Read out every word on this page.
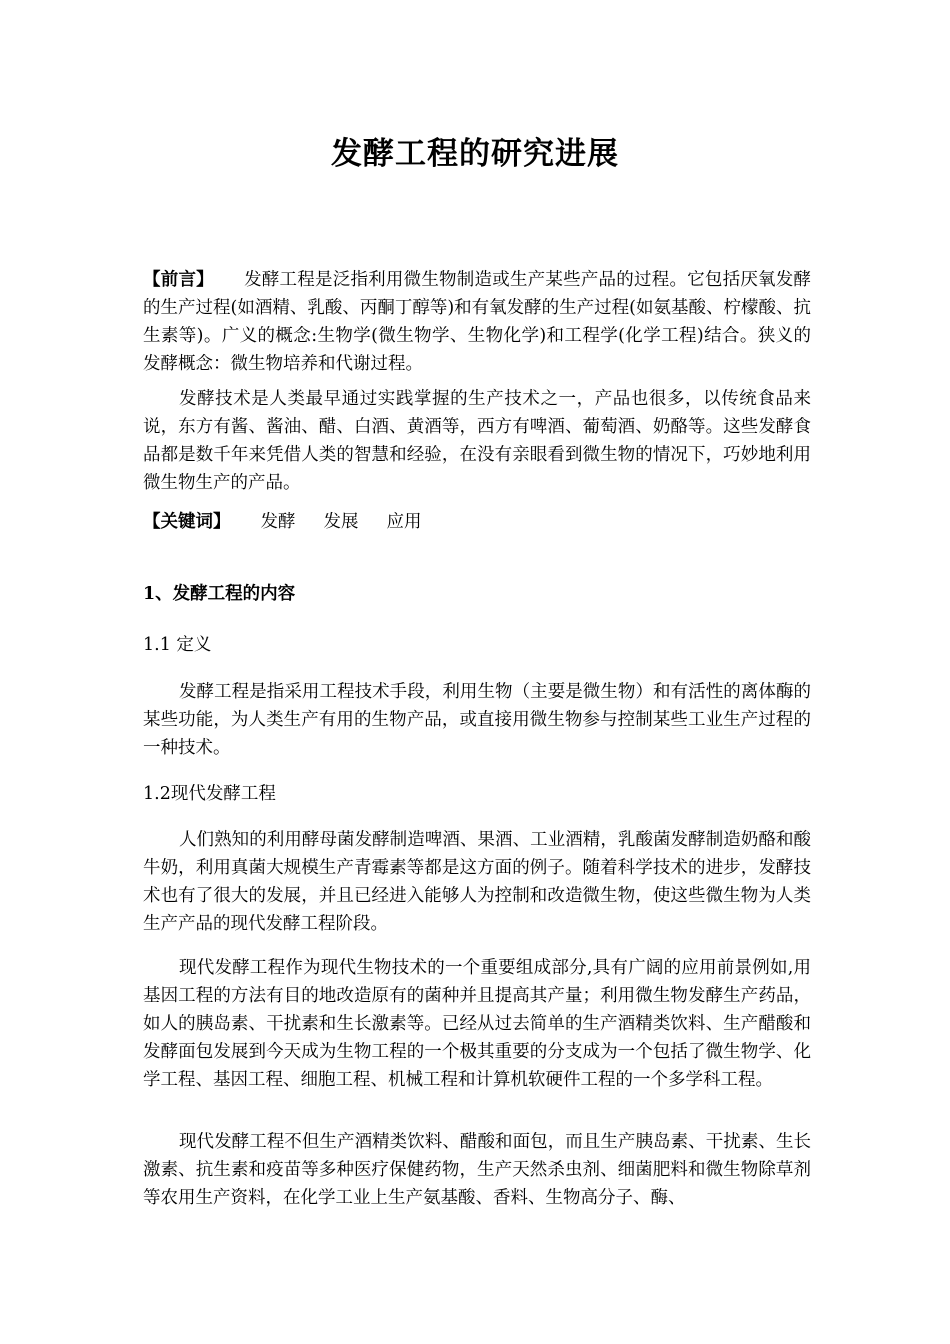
发酵工程的研究进展

【前言】 发酵工程是泛指利用微生物制造或生产某些产品的过程。它包括厌氧发酵的生产过程(如酒精、乳酸、丙酮丁醇等)和有氧发酵的生产过程(如氨基酸、柠檬酸、抗生素等)。广义的概念:生物学(微生物学、生物化学)和工程学(化学工程)结合。狭义的发酵概念：微生物培养和代谢过程。

发酵技术是人类最早通过实践掌握的生产技术之一，产品也很多，以传统食品来说，东方有酱、酱油、醋、白酒、黄酒等，西方有啤酒、葡萄酒、奶酪等。这些发酵食品都是数千年来凭借人类的智慧和经验，在没有亲眼看到微生物的情况下，巧妙地利用微生物生产的产品。

【关键词】 发酵 发展 应用

1、发酵工程的内容
1.1 定义

发酵工程是指采用工程技术手段，利用生物（主要是微生物）和有活性的离体酶的某些功能，为人类生产有用的生物产品，或直接用微生物参与控制某些工业生产过程的一种技术。

1.2现代发酵工程

人们熟知的利用酵母菌发酵制造啤酒、果酒、工业酒精，乳酸菌发酵制造奶酪和酸牛奶，利用真菌大规模生产青霉素等都是这方面的例子。随着科学技术的进步，发酵技术也有了很大的发展，并且已经进入能够人为控制和改造微生物，使这些微生物为人类生产产品的现代发酵工程阶段。

现代发酵工程作为现代生物技术的一个重要组成部分,具有广阔的应用前景例如,用基因工程的方法有目的地改造原有的菌种并且提高其产量；利用微生物发酵生产药品，如人的胰岛素、干扰素和生长激素等。已经从过去简单的生产酒精类饮料、生产醋酸和发酵面包发展到今天成为生物工程的一个极其重要的分支成为一个包括了微生物学、化学工程、基因工程、细胞工程、机械工程和计算机软硬件工程的一个多学科工程。

现代发酵工程不但生产酒精类饮料、醋酸和面包，而且生产胰岛素、干扰素、生长激素、抗生素和疫苗等多种医疗保健药物，生产天然杀虫剂、细菌肥料和微生物除草剂等农用生产资料，在化学工业上生产氨基酸、香料、生物高分子、酶、
